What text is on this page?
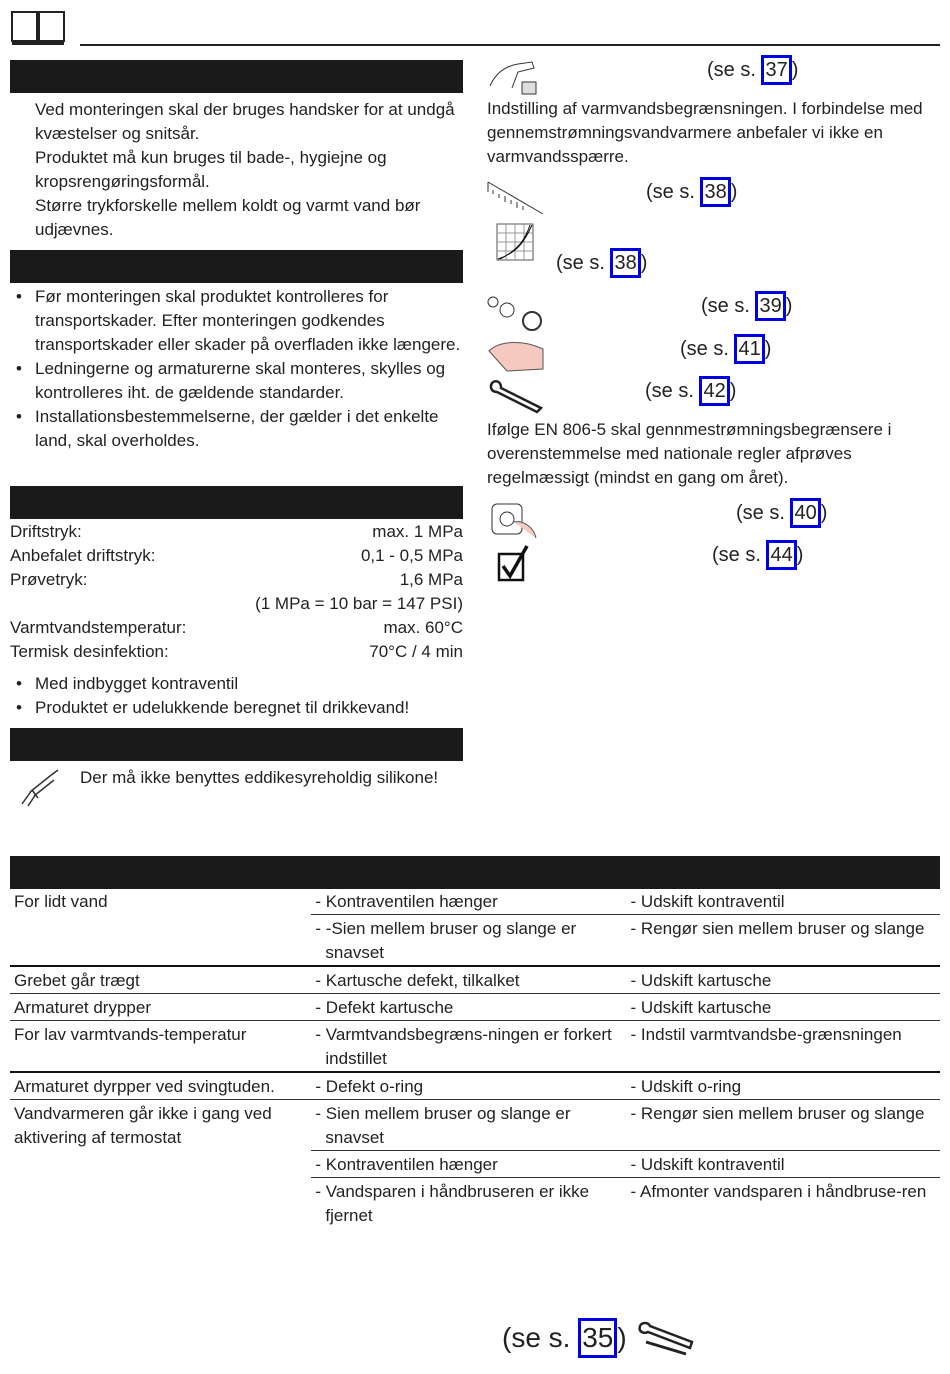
Ved monteringen skal der bruges handsker for at undgå kvæstelser og snitsår.
Produktet må kun bruges til bade-, hygiejne og kropsrengøringsformål.
Større trykforskelle mellem koldt og varmt vand bør udjævnes.
• Før monteringen skal produktet kontrolleres for transportskader. Efter monteringen godkendes transportskader eller skader på overfladen ikke længere.
• Ledningerne og armaturerne skal monteres, skylles og kontrolleres iht. de gældende standarder.
• Installationsbestemmelserne, der gælder i det enkelte land, skal overholdes.
Driftstryk:	max. 1 MPa
Anbefalet driftstryk:	0,1 - 0,5 MPa
Prøvetryk:	1,6 MPa
(1 MPa = 10 bar = 147 PSI)
Varmtvandstemperatur:	max. 60°C
Termisk desinfektion:	70°C / 4 min
• Med indbygget kontraventil
• Produktet er udelukkende beregnet til drikkevand!
Der må ikke benyttes eddikesyreholdig silikone!
(se s. 37 )
Indstilling af varmvandsbegrænsningen. I forbindelse med gennemstrømningsvandvarmere anbefaler vi ikke en varmvandsspærre.
(se s. 38 )
(se s. 38 )
(se s. 39 )
(se s. 41 )
(se s. 42 )
Ifølge EN 806-5 skal gennmestrømningsbegrænsere i overenstemmelse med nationale regler afprøves regelmæssigt (mindst en gang om året).
(se s. 40 )
(se s. 44 )
For lidt vand	- Kontraventilen hænger	- Udskift kontraventil
	- -Sien mellem bruser og slange er snavset	- Rengør sien mellem bruser og slange
Grebet går trægt	- Kartusche defekt, tilkalket	- Udskift kartusche
Armaturet drypper	- Defekt kartusche	- Udskift kartusche
For lav varmtvands-temperatur	- Varmtvandsbegræns-ningen er forkert indstillet	- Indstil varmtvandsbe-grænsningen
Armaturet dyrpper ved svingtuden.	- Defekt o-ring	- Udskift o-ring
Vandvarmeren går ikke i gang ved aktivering af termostat	- Sien mellem bruser og slange er snavset	- Rengør sien mellem bruser og slange
	- Kontraventilen hænger	- Udskift kontraventil
	- Vandsparen i håndbruseren er ikke fjernet	- Afmonter vandsparen i håndbruse-ren
(se s. 35 )
